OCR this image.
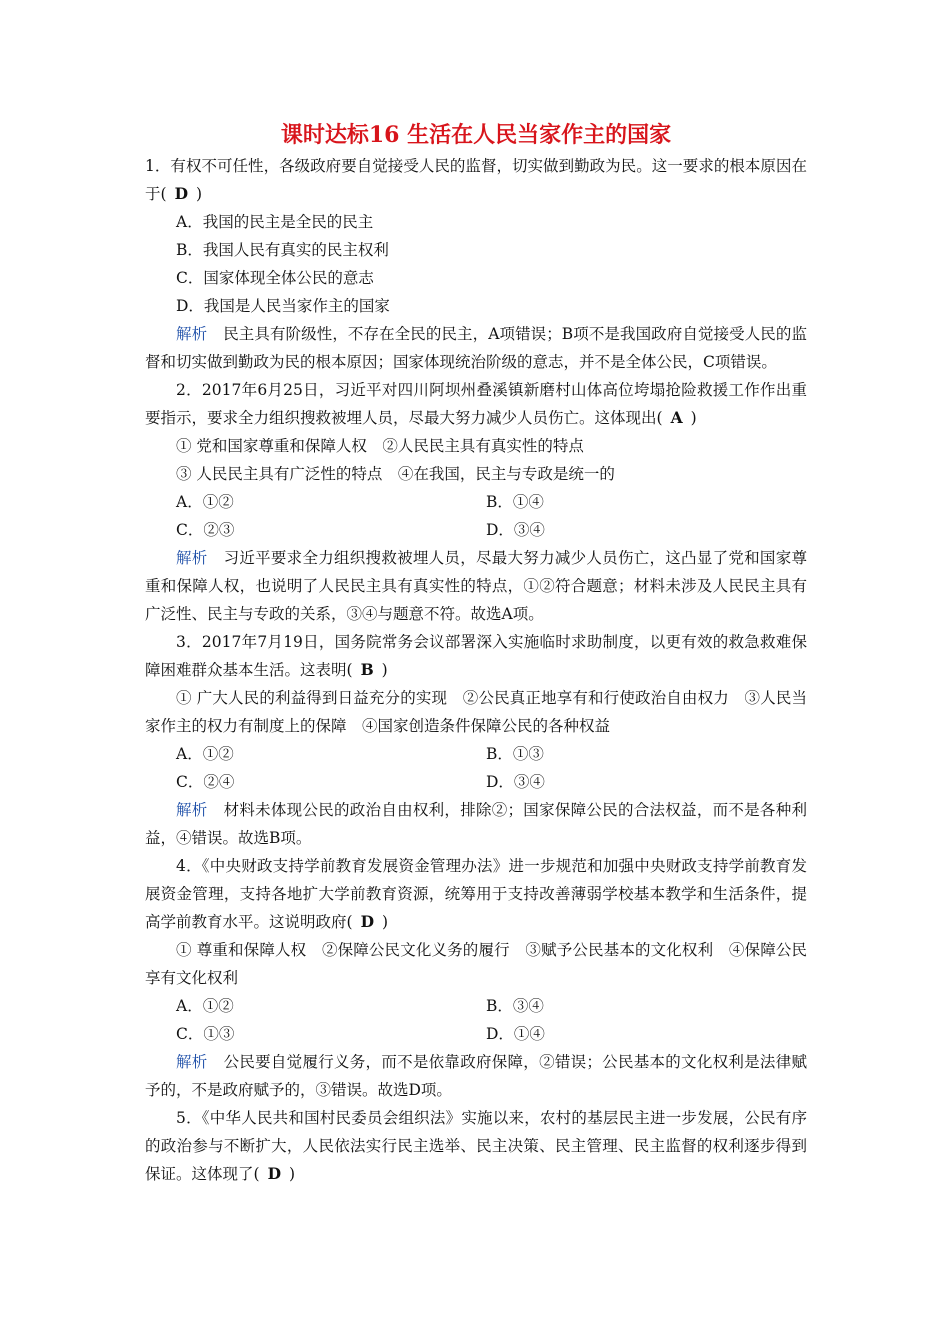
课时达标16 生活在人民当家作主的国家
1．有权不可任性，各级政府要自觉接受人民的监督，切实做到勤政为民。这一要求的根本原因在于( D )
A．我国的民主是全民的民主
B．我国人民有真实的民主权利
C．国家体现全体公民的意志
D．我国是人民当家作主的国家
解析 民主具有阶级性，不存在全民的民主，A项错误；B项不是我国政府自觉接受人民的监督和切实做到勤政为民的根本原因；国家体现统治阶级的意志，并不是全体公民，C项错误。
2．2017年6月25日，习近平对四川阿坝州叠溪镇新磨村山体高位垮塌抢险救援工作作出重要指示，要求全力组织搜救被埋人员，尽最大努力减少人员伤亡。这体现出( A )
① 党和国家尊重和保障人权　②人民民主具有真实性的特点
③ 人民民主具有广泛性的特点　④在我国，民主与专政是统一的
A．①②	B．①④
C．②③	D．③④
解析 习近平要求全力组织搜救被埋人员，尽最大努力减少人员伤亡，这凸显了党和国家尊重和保障人权，也说明了人民民主具有真实性的特点，①②符合题意；材料未涉及人民民主具有广泛性、民主与专政的关系，③④与题意不符。故选A项。
3．2017年7月19日，国务院常务会议部署深入实施临时求助制度，以更有效的救急救难保障困难群众基本生活。这表明( B )
① 广大人民的利益得到日益充分的实现　②公民真正地享有和行使政治自由权力　③人民当家作主的权力有制度上的保障　④国家创造条件保障公民的各种权益
A．①②	B．①③
C．②④	D．③④
解析 材料未体现公民的政治自由权利，排除②；国家保障公民的合法权益，而不是各种利益，④错误。故选B项。
4．《中央财政支持学前教育发展资金管理办法》进一步规范和加强中央财政支持学前教育发展资金管理，支持各地扩大学前教育资源，统筹用于支持改善薄弱学校基本教学和生活条件，提高学前教育水平。这说明政府( D )
① 尊重和保障人权　②保障公民文化义务的履行　③赋予公民基本的文化权利　④保障公民享有文化权利
A．①②	B．③④
C．①③	D．①④
解析 公民要自觉履行义务，而不是依靠政府保障，②错误；公民基本的文化权利是法律赋予的，不是政府赋予的，③错误。故选D项。
5．《中华人民共和国村民委员会组织法》实施以来，农村的基层民主进一步发展，公民有序的政治参与不断扩大，人民依法实行民主选举、民主决策、民主管理、民主监督的权利逐步得到保证。这体现了( D )
